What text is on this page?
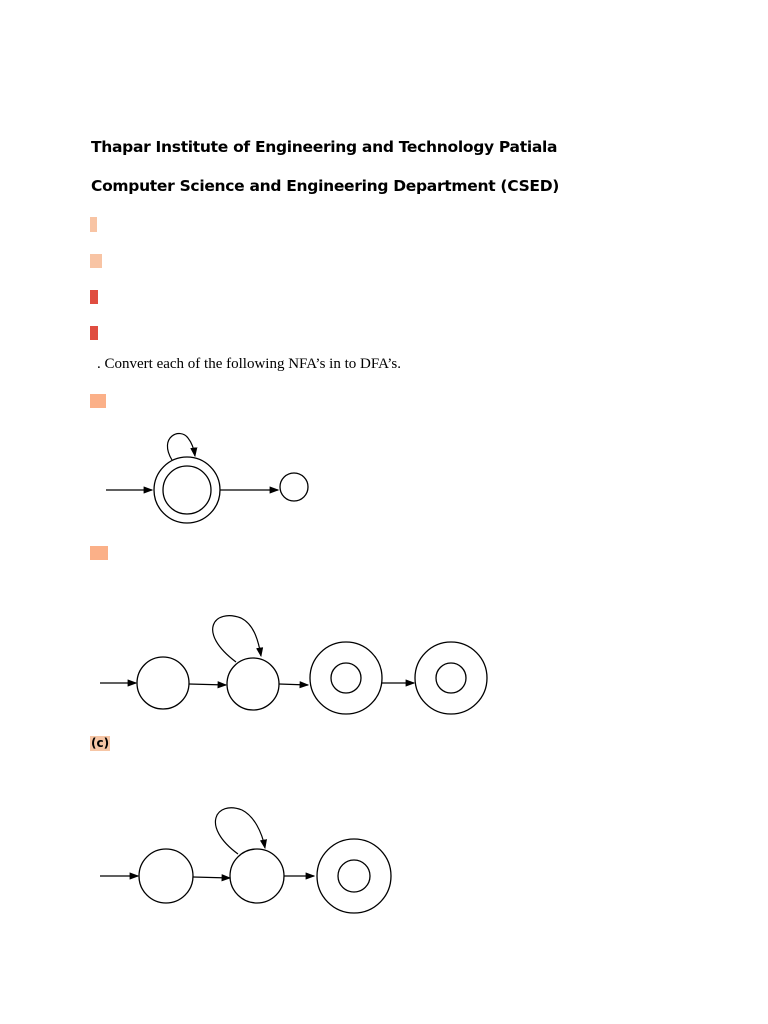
Thapar Institute of Engineering and Technology Patiala
Computer Science and Engineering Department (CSED)
. Convert each of the following NFA’s in to DFA’s.
(c)
